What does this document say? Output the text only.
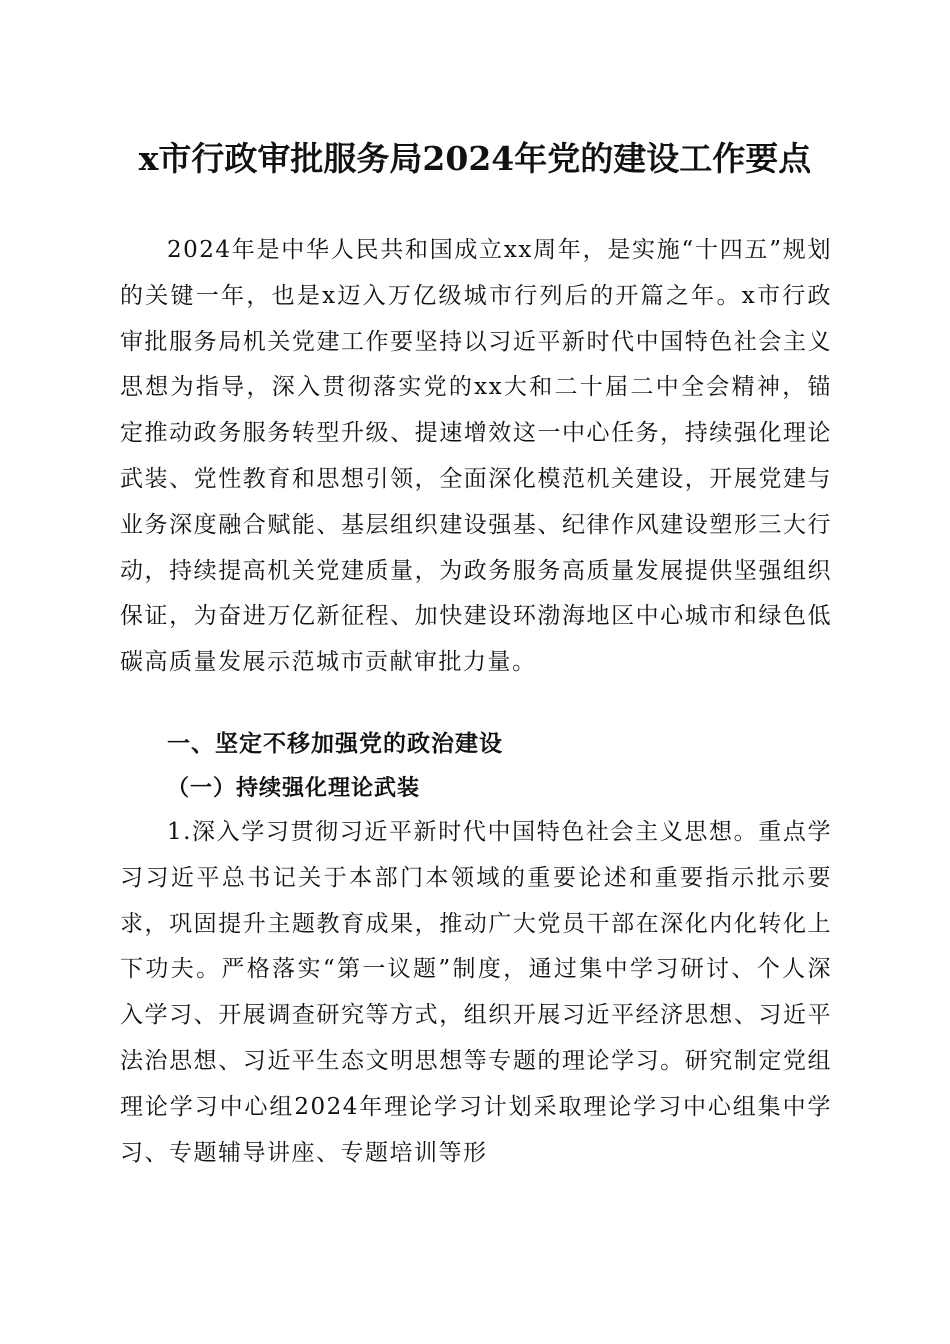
x市行政审批服务局2024年党的建设工作要点

2024年是中华人民共和国成立xx周年，是实施“十四五”规划的关键一年，也是x迈入万亿级城市行列后的开篇之年。x市行政审批服务局机关党建工作要坚持以习近平新时代中国特色社会主义思想为指导，深入贯彻落实党的xx大和二十届二中全会精神，锚定推动政务服务转型升级、提速增效这一中心任务，持续强化理论武装、党性教育和思想引领，全面深化模范机关建设，开展党建与业务深度融合赋能、基层组织建设强基、纪律作风建设塑形三大行动，持续提高机关党建质量，为政务服务高质量发展提供坚强组织保证，为奋进万亿新征程、加快建设环渤海地区中心城市和绿色低碳高质量发展示范城市贡献审批力量。

一、坚定不移加强党的政治建设
（一）持续强化理论武装

1.深入学习贯彻习近平新时代中国特色社会主义思想。重点学习习近平总书记关于本部门本领域的重要论述和重要指示批示要求，巩固提升主题教育成果，推动广大党员干部在深化内化转化上下功夫。严格落实“第一议题”制度，通过集中学习研讨、个人深入学习、开展调查研究等方式，组织开展习近平经济思想、习近平法治思想、习近平生态文明思想等专题的理论学习。研究制定党组理论学习中心组2024年理论学习计划采取理论学习中心组集中学习、专题辅导讲座、专题培训等形
